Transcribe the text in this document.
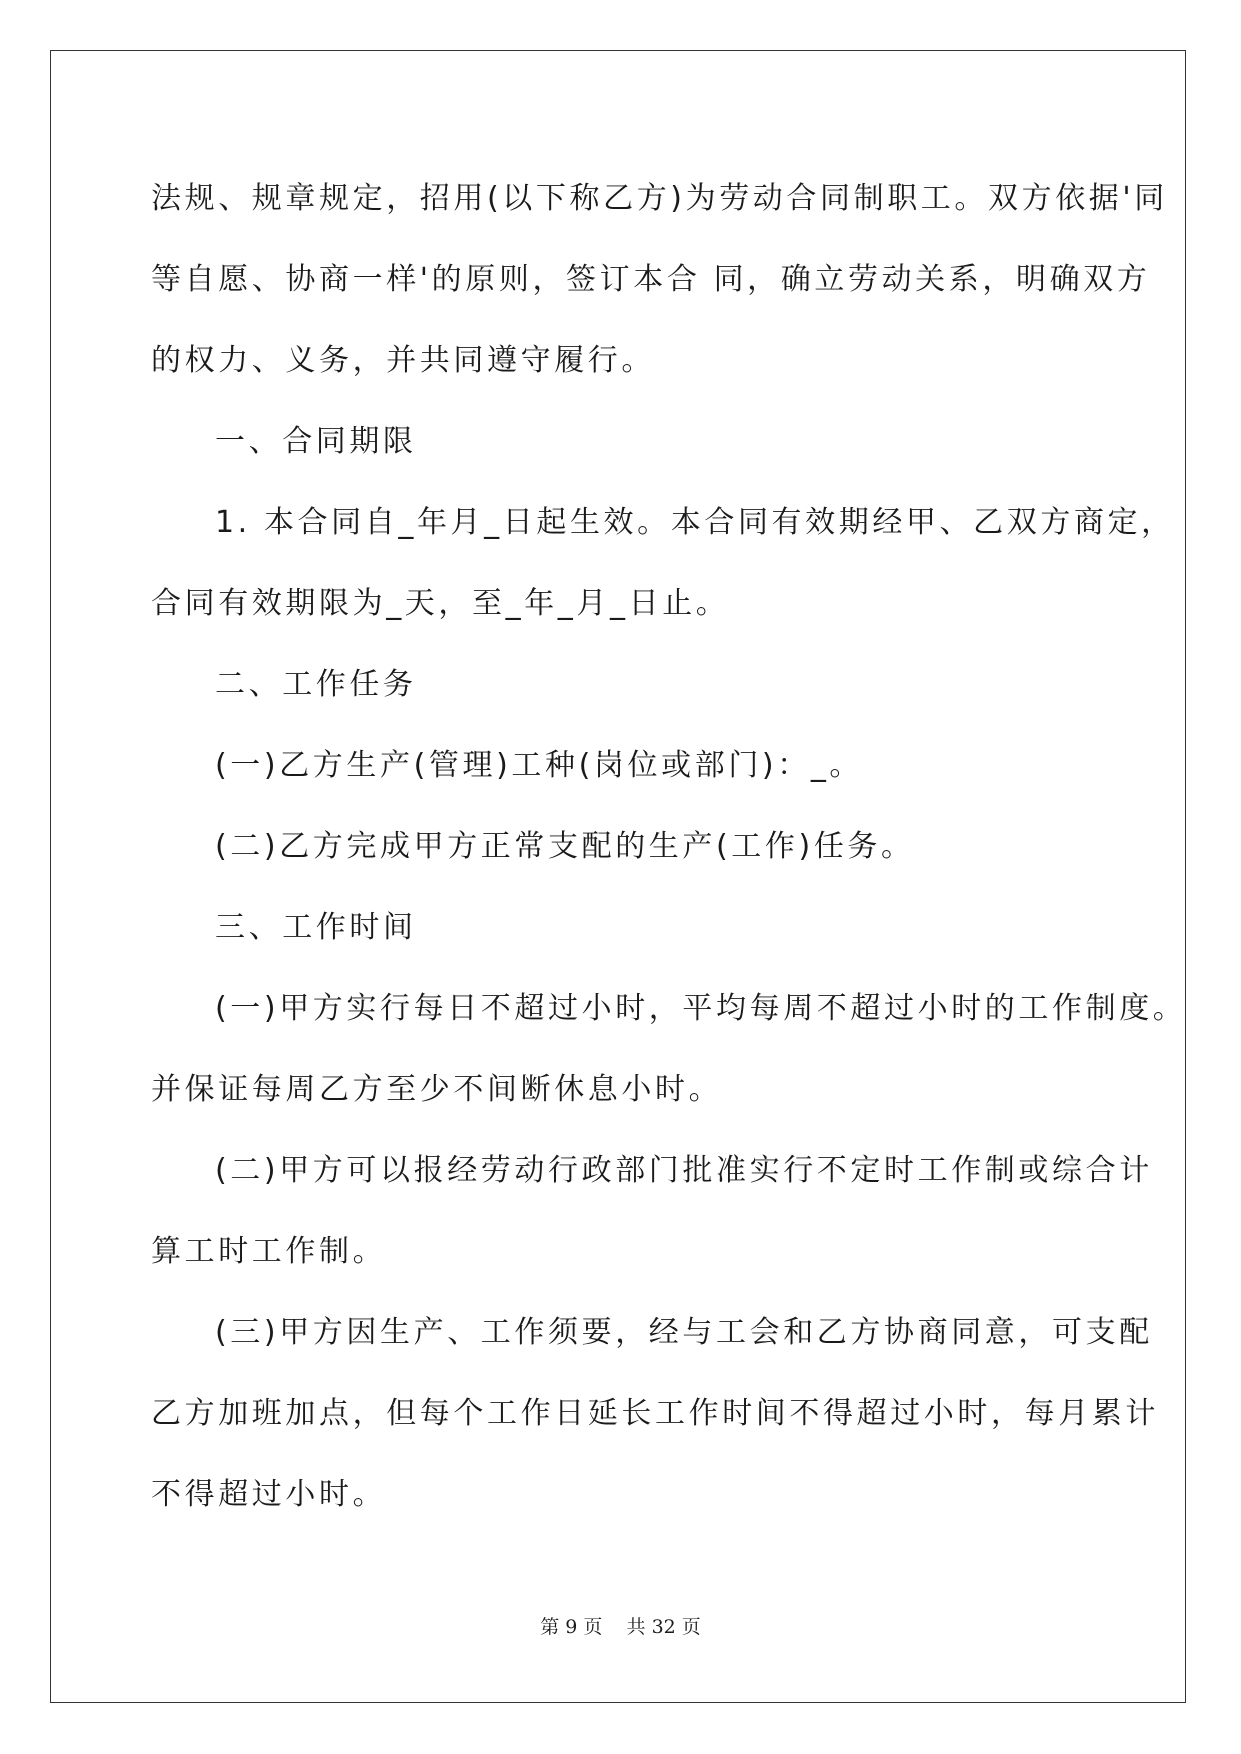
法规、规章规定，招用(以下称乙方)为劳动合同制职工。双方依据'同
等自愿、协商一样'的原则，签订本合 同，确立劳动关系，明确双方
的权力、义务，并共同遵守履行。
一、合同期限
1. 本合同自_年月_日起生效。本合同有效期经甲、乙双方商定，
合同有效期限为_天，至_年_月_日止。
二、工作任务
(一)乙方生产(管理)工种(岗位或部门)：_。
(二)乙方完成甲方正常支配的生产(工作)任务。
三、工作时间
(一)甲方实行每日不超过小时，平均每周不超过小时的工作制度。
并保证每周乙方至少不间断休息小时。
(二)甲方可以报经劳动行政部门批准实行不定时工作制或综合计
算工时工作制。
(三)甲方因生产、工作须要，经与工会和乙方协商同意，可支配
乙方加班加点，但每个工作日延长工作时间不得超过小时，每月累计
不得超过小时。
第 9 页 共 32 页
